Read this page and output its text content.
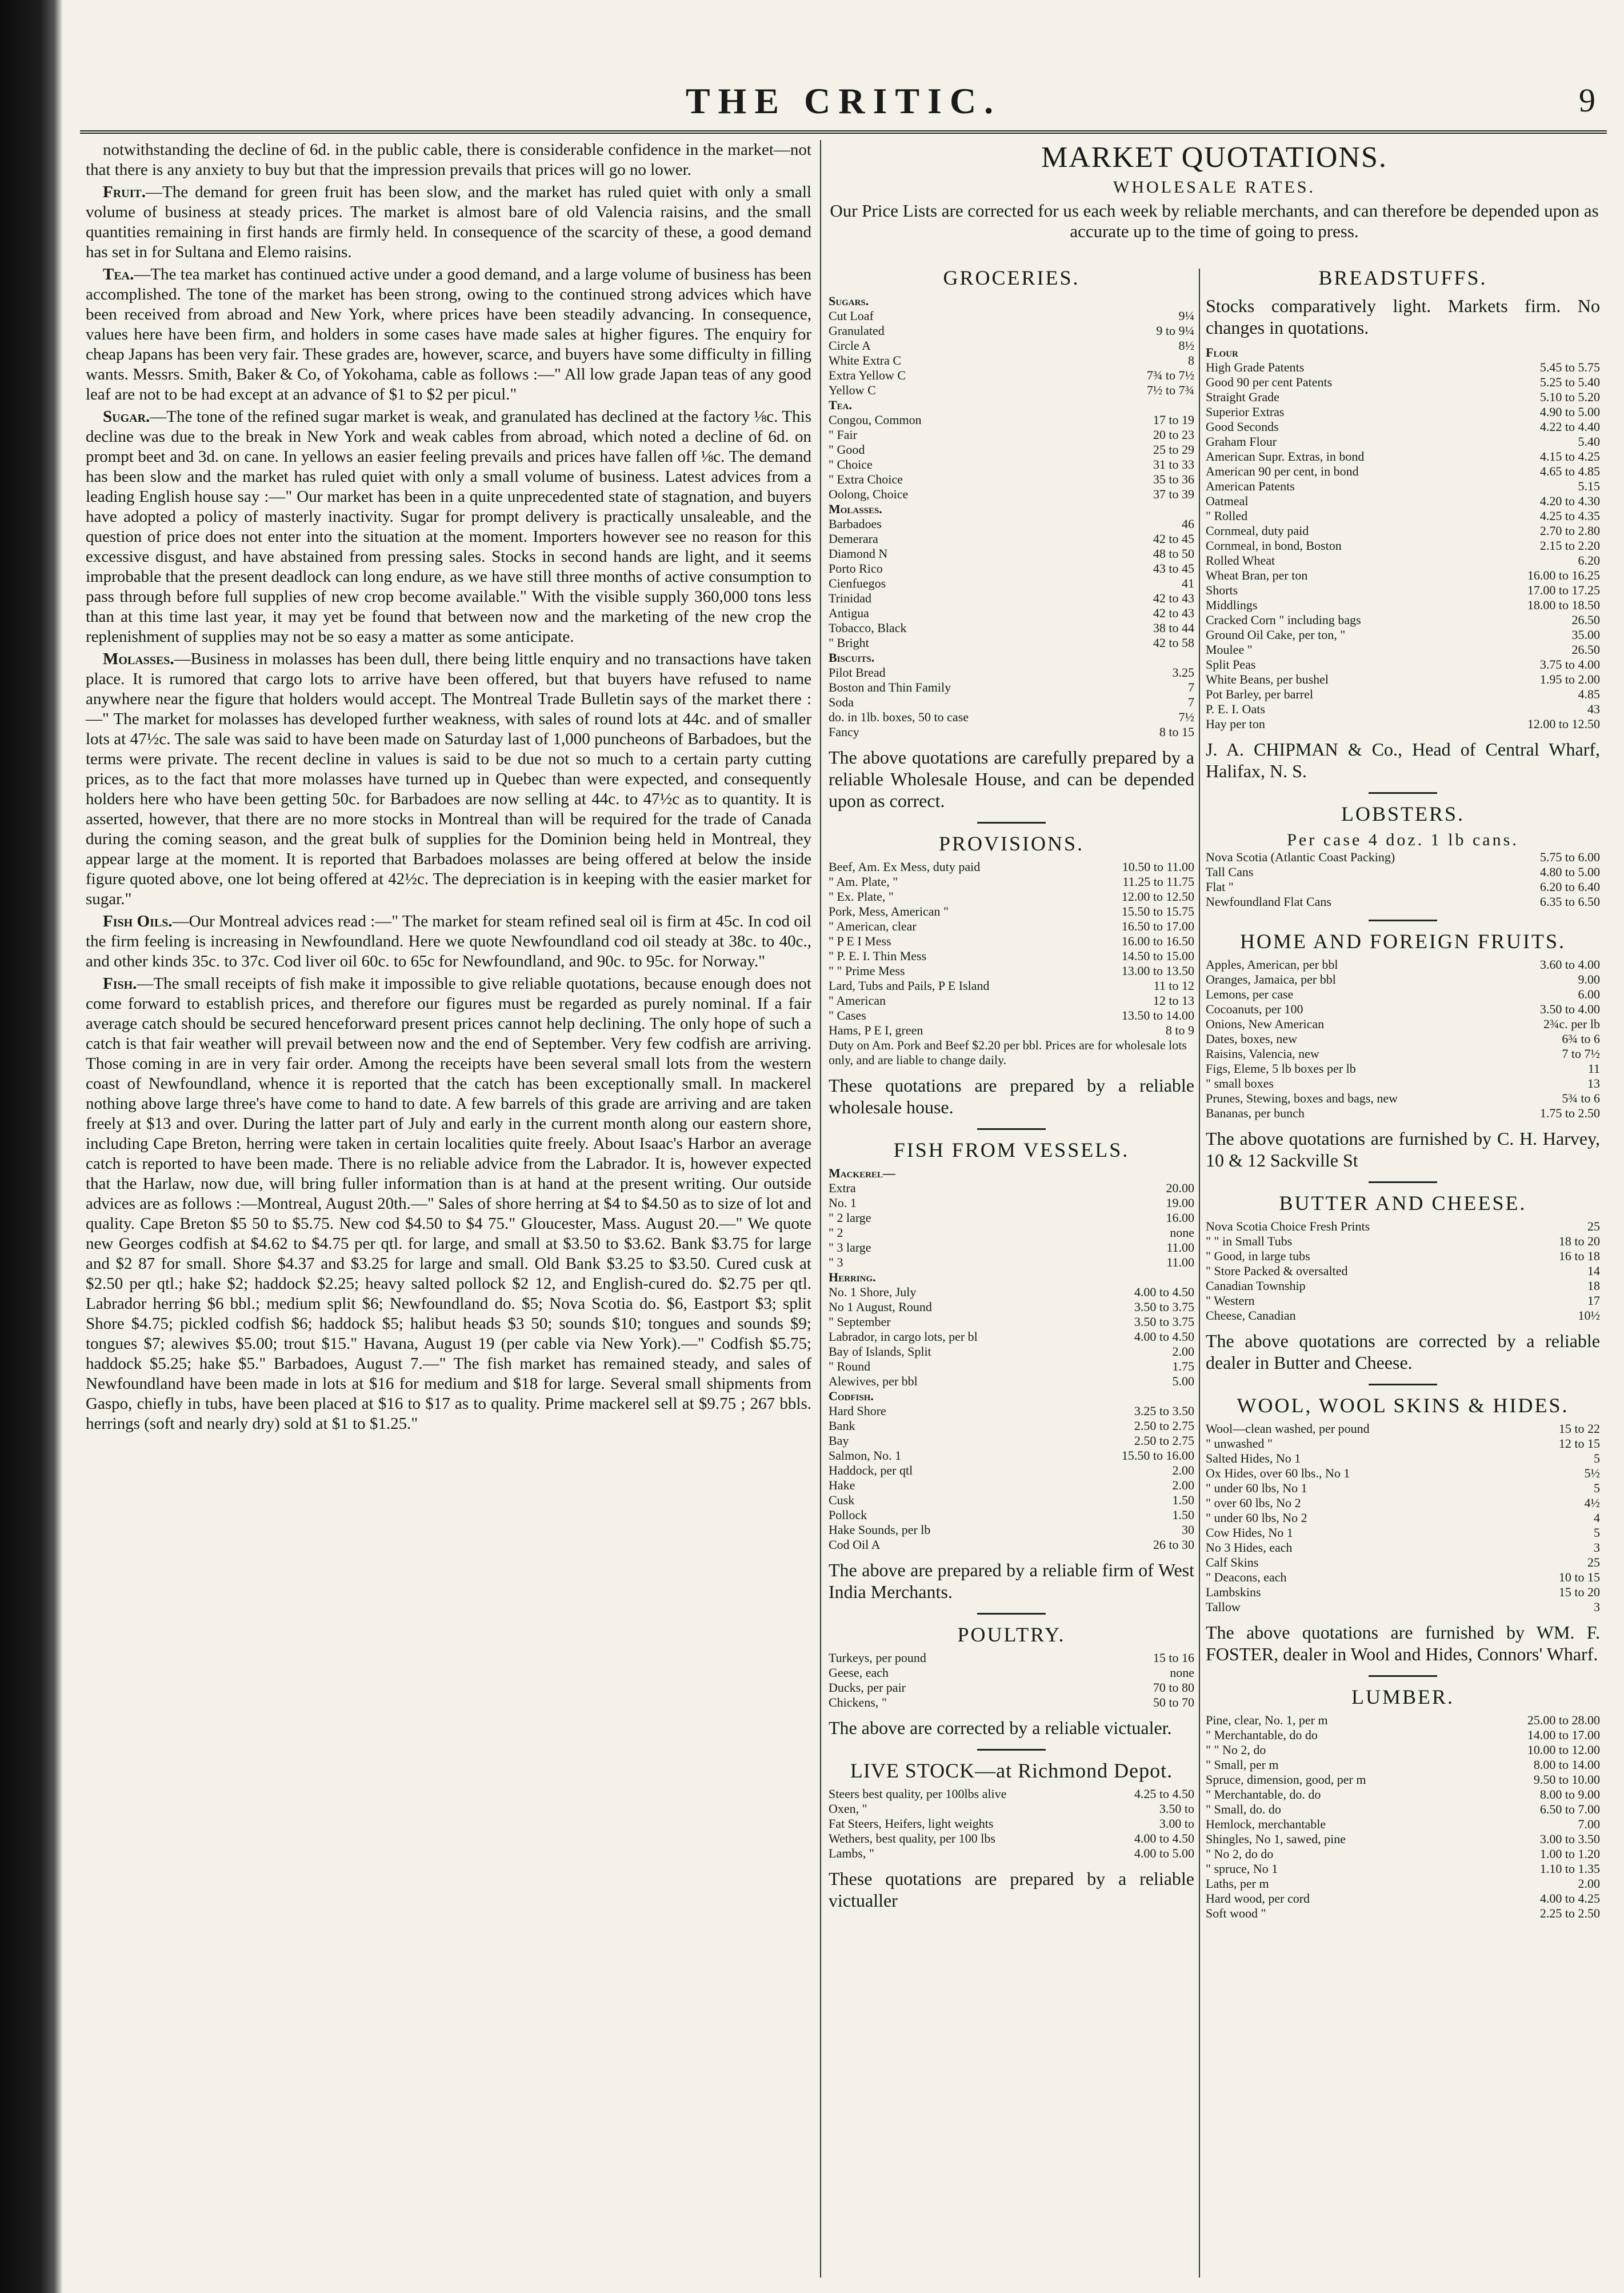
THE CRITIC.	9

notwithstanding the decline of 6d. in the public cable, there is considerable confidence in the market—not that there is any anxiety to buy but that the impression prevails that prices will go no lower.

Fruit.—The demand for green fruit has been slow, and the market has ruled quiet with only a small volume of business at steady prices. The market is almost bare of old Valencia raisins, and the small quantities remaining in first hands are firmly held. In consequence of the scarcity of these, a good demand has set in for Sultana and Elemo raisins.

Tea.—The tea market has continued active under a good demand, and a large volume of business has been accomplished. The tone of the market has been strong, owing to the continued strong advices which have been received from abroad and New York, where prices have been steadily advancing. In consequence, values here have been firm, and holders in some cases have made sales at higher figures. The enquiry for cheap Japans has been very fair. These grades are, however, scarce, and buyers have some difficulty in filling wants. Messrs. Smith, Baker & Co, of Yokohama, cable as follows :—" All low grade Japan teas of any good leaf are not to be had except at an advance of $1 to $2 per picul."

Sugar.—The tone of the refined sugar market is weak, and granulated has declined at the factory ⅛c. This decline was due to the break in New York and weak cables from abroad, which noted a decline of 6d. on prompt beet and 3d. on cane. In yellows an easier feeling prevails and prices have fallen off ⅛c. The demand has been slow and the market has ruled quiet with only a small volume of business. Latest advices from a leading English house say :—" Our market has been in a quite unprecedented state of stagnation, and buyers have adopted a policy of masterly inactivity. Sugar for prompt delivery is practically unsaleable, and the question of price does not enter into the situation at the moment. Importers however see no reason for this excessive disgust, and have abstained from pressing sales. Stocks in second hands are light, and it seems improbable that the present deadlock can long endure, as we have still three months of active consumption to pass through before full supplies of new crop become available." With the visible supply 360,000 tons less than at this time last year, it may yet be found that between now and the marketing of the new crop the replenishment of supplies may not be so easy a matter as some anticipate.

Molasses.—Business in molasses has been dull, there being little enquiry and no transactions have taken place. It is rumored that cargo lots to arrive have been offered, but that buyers have refused to name anywhere near the figure that holders would accept. The Montreal Trade Bulletin says of the market there :—" The market for molasses has developed further weakness, with sales of round lots at 44c. and of smaller lots at 47½c. The sale was said to have been made on Saturday last of 1,000 puncheons of Barbadoes, but the terms were private. The recent decline in values is said to be due not so much to a certain party cutting prices, as to the fact that more molasses have turned up in Quebec than were expected, and consequently holders here who have been getting 50c. for Barbadoes are now selling at 44c. to 47½c as to quantity. It is asserted, however, that there are no more stocks in Montreal than will be required for the trade of Canada during the coming season, and the great bulk of supplies for the Dominion being held in Montreal, they appear large at the moment. It is reported that Barbadoes molasses are being offered at below the inside figure quoted above, one lot being offered at 42½c. The depreciation is in keeping with the easier market for sugar."

Fish Oils.—Our Montreal advices read :—" The market for steam refined seal oil is firm at 45c. In cod oil the firm feeling is increasing in Newfoundland. Here we quote Newfoundland cod oil steady at 38c. to 40c., and other kinds 35c. to 37c. Cod liver oil 60c. to 65c for Newfoundland, and 90c. to 95c. for Norway."

Fish.—The small receipts of fish make it impossible to give reliable quotations, because enough does not come forward to establish prices, and therefore our figures must be regarded as purely nominal. If a fair average catch should be secured henceforward present prices cannot help declining. The only hope of such a catch is that fair weather will prevail between now and the end of September. Very few codfish are arriving. Those coming in are in very fair order. Among the receipts have been several small lots from the western coast of Newfoundland, whence it is reported that the catch has been exceptionally small. In mackerel nothing above large three's have come to hand to date. A few barrels of this grade are arriving and are taken freely at $13 and over. During the latter part of July and early in the current month along our eastern shore, including Cape Breton, herring were taken in certain localities quite freely. About Isaac's Harbor an average catch is reported to have been made. There is no reliable advice from the Labrador. It is, however expected that the Harlaw, now due, will bring fuller information than is at hand at the present writing. Our outside advices are as follows :—Montreal, August 20th.—" Sales of shore herring at $4 to $4.50 as to size of lot and quality. Cape Breton $5 50 to $5.75. New cod $4.50 to $4 75." Gloucester, Mass. August 20.—" We quote new Georges codfish at $4.62 to $4.75 per qtl. for large, and small at $3.50 to $3.62. Bank $3.75 for large and $2 87 for small. Shore $4.37 and $3.25 for large and small. Old Bank $3.25 to $3.50. Cured cusk at $2.50 per qtl.; hake $2; haddock $2.25; heavy salted pollock $2 12, and English-cured do. $2.75 per qtl. Labrador herring $6 bbl.; medium split $6; Newfoundland do. $5; Nova Scotia do. $6, Eastport $3; split Shore $4.75; pickled codfish $6; haddock $5; halibut heads $3 50; sounds $10; tongues and sounds $9; tongues $7; alewives $5.00; trout $15." Havana, August 19 (per cable via New York).—" Codfish $5.75; haddock $5.25; hake $5." Barbadoes, August 7.—" The fish market has remained steady, and sales of Newfoundland have been made in lots at $16 for medium and $18 for large. Several small shipments from Gaspo, chiefly in tubs, have been placed at $16 to $17 as to quality. Prime mackerel sell at $9.75 ; 267 bbls. herrings (soft and nearly dry) sold at $1 to $1.25."

MARKET QUOTATIONS.
WHOLESALE RATES.
Our Price Lists are corrected for us each week by reliable merchants, and can therefore be depended upon as accurate up to the time of going to press.
GROCERIES.
Sugars.
Cut Loaf	9¼
Granulated	9 to 9¼
Circle A	8½
White Extra C	8
Extra Yellow C	7¾ to 7½
Yellow C	7½ to 7¾
Tea.
Congou, Common	17 to 19
" Fair	20 to 23
" Good	25 to 29
" Choice	31 to 33
" Extra Choice	35 to 36
Oolong, Choice	37 to 39
Molasses.
Barbadoes	46
Demerara	42 to 45
Diamond N	48 to 50
Porto Rico	43 to 45
Cienfuegos	41
Trinidad	42 to 43
Antigua	42 to 43
Tobacco, Black	38 to 44
" Bright	42 to 58
Biscuits.
Pilot Bread	3.25
Boston and Thin Family	7
Soda	7
do. in 1lb. boxes, 50 to case	7½
Fancy	8 to 15
The above quotations are carefully prepared by a reliable Wholesale House, and can be depended upon as correct.
PROVISIONS.
Beef, Am. Ex Mess, duty paid	10.50 to 11.00
" Am. Plate, "	11.25 to 11.75
" Ex. Plate, "	12.00 to 12.50
Pork, Mess, American "	15.50 to 15.75
" American, clear	16.50 to 17.00
" P E I Mess	16.00 to 16.50
" P. E. I. Thin Mess	14.50 to 15.00
" " Prime Mess	13.00 to 13.50
Lard, Tubs and Pails, P E Island	11 to 12
" American	12 to 13
" Cases	13.50 to 14.00
Hams, P E I, green	8 to 9
Duty on Am. Pork and Beef $2.20 per bbl. Prices are for wholesale lots only, and are liable to change daily.
These quotations are prepared by a reliable wholesale house.
FISH FROM VESSELS.
Mackerel—
Extra	20.00
No. 1	19.00
" 2 large	16.00
" 2	none
" 3 large	11.00
" 3	11.00
Herring.
No. 1 Shore, July	4.00 to 4.50
No 1 August, Round	3.50 to 3.75
" September	3.50 to 3.75
Labrador, in cargo lots, per bl	4.00 to 4.50
Bay of Islands, Split	2.00
" Round	1.75
Alewives, per bbl	5.00
Codfish.
Hard Shore	3.25 to 3.50
Bank	2.50 to 2.75
Bay	2.50 to 2.75
Salmon, No. 1	15.50 to 16.00
Haddock, per qtl	2.00
Hake	2.00
Cusk	1.50
Pollock	1.50
Hake Sounds, per lb	30
Cod Oil A	26 to 30
The above are prepared by a reliable firm of West India Merchants.
POULTRY.
Turkeys, per pound	15 to 16
Geese, each	none
Ducks, per pair	70 to 80
Chickens, "	50 to 70
The above are corrected by a reliable victualer.
LIVE STOCK—at Richmond Depot.
Steers best quality, per 100lbs alive	4.25 to 4.50
Oxen, "	3.50 to
Fat Steers, Heifers, light weights	3.00 to
Wethers, best quality, per 100 lbs	4.00 to 4.50
Lambs, "	4.00 to 5.00
These quotations are prepared by a reliable victualler
BREADSTUFFS.
Stocks comparatively light. Markets firm. No changes in quotations.
Flour
High Grade Patents	5.45 to 5.75
Good 90 per cent Patents	5.25 to 5.40
Straight Grade	5.10 to 5.20
Superior Extras	4.90 to 5.00
Good Seconds	4.22 to 4.40
Graham Flour	5.40
American Supr. Extras, in bond	4.15 to 4.25
American 90 per cent, in bond	4.65 to 4.85
American Patents	5.15
Oatmeal	4.20 to 4.30
" Rolled	4.25 to 4.35
Cornmeal, duty paid	2.70 to 2.80
Cornmeal, in bond, Boston	2.15 to 2.20
Rolled Wheat	6.20
Wheat Bran, per ton	16.00 to 16.25
Shorts	17.00 to 17.25
Middlings	18.00 to 18.50
Cracked Corn " including bags	26.50
Ground Oil Cake, per ton, "	35.00
Moulee "	26.50
Split Peas	3.75 to 4.00
White Beans, per bushel	1.95 to 2.00
Pot Barley, per barrel	4.85
P. E. I. Oats	43
Hay per ton	12.00 to 12.50
J. A. CHIPMAN & Co., Head of Central Wharf, Halifax, N. S.
LOBSTERS.
Per case 4 doz. 1 lb cans.
Nova Scotia (Atlantic Coast Packing)	5.75 to 6.00
Tall Cans	4.80 to 5.00
Flat "	6.20 to 6.40
Newfoundland Flat Cans	6.35 to 6.50
HOME AND FOREIGN FRUITS.
Apples, American, per bbl	3.60 to 4.00
Oranges, Jamaica, per bbl	9.00
Lemons, per case	6.00
Cocoanuts, per 100	3.50 to 4.00
Onions, New American	2¾c. per lb
Dates, boxes, new	6¾ to 6
Raisins, Valencia, new	7 to 7½
Figs, Eleme, 5 lb boxes per lb	11
" small boxes	13
Prunes, Stewing, boxes and bags, new	5¾ to 6
Bananas, per bunch	1.75 to 2.50
The above quotations are furnished by C. H. Harvey, 10 & 12 Sackville St
BUTTER AND CHEESE.
Nova Scotia Choice Fresh Prints	25
" " in Small Tubs	18 to 20
" Good, in large tubs	16 to 18
" Store Packed & oversalted	14
Canadian Township	18
" Western	17
Cheese, Canadian	10½
The above quotations are corrected by a reliable dealer in Butter and Cheese.
WOOL, WOOL SKINS & HIDES.
Wool—clean washed, per pound	15 to 22
" unwashed "	12 to 15
Salted Hides, No 1	5
Ox Hides, over 60 lbs., No 1	5½
" under 60 lbs, No 1	5
" over 60 lbs, No 2	4½
" under 60 lbs, No 2	4
Cow Hides, No 1	5
No 3 Hides, each	3
Calf Skins	25
" Deacons, each	10 to 15
Lambskins	15 to 20
Tallow	3
The above quotations are furnished by WM. F. FOSTER, dealer in Wool and Hides, Connors' Wharf.
LUMBER.
Pine, clear, No. 1, per m	25.00 to 28.00
" Merchantable, do do	14.00 to 17.00
" " No 2, do	10.00 to 12.00
" Small, per m	8.00 to 14.00
Spruce, dimension, good, per m	9.50 to 10.00
" Merchantable, do. do	8.00 to 9.00
" Small, do. do	6.50 to 7.00
Hemlock, merchantable	7.00
Shingles, No 1, sawed, pine	3.00 to 3.50
" No 2, do do	1.00 to 1.20
" spruce, No 1	1.10 to 1.35
Laths, per m	2.00
Hard wood, per cord	4.00 to 4.25
Soft wood "	2.25 to 2.50
